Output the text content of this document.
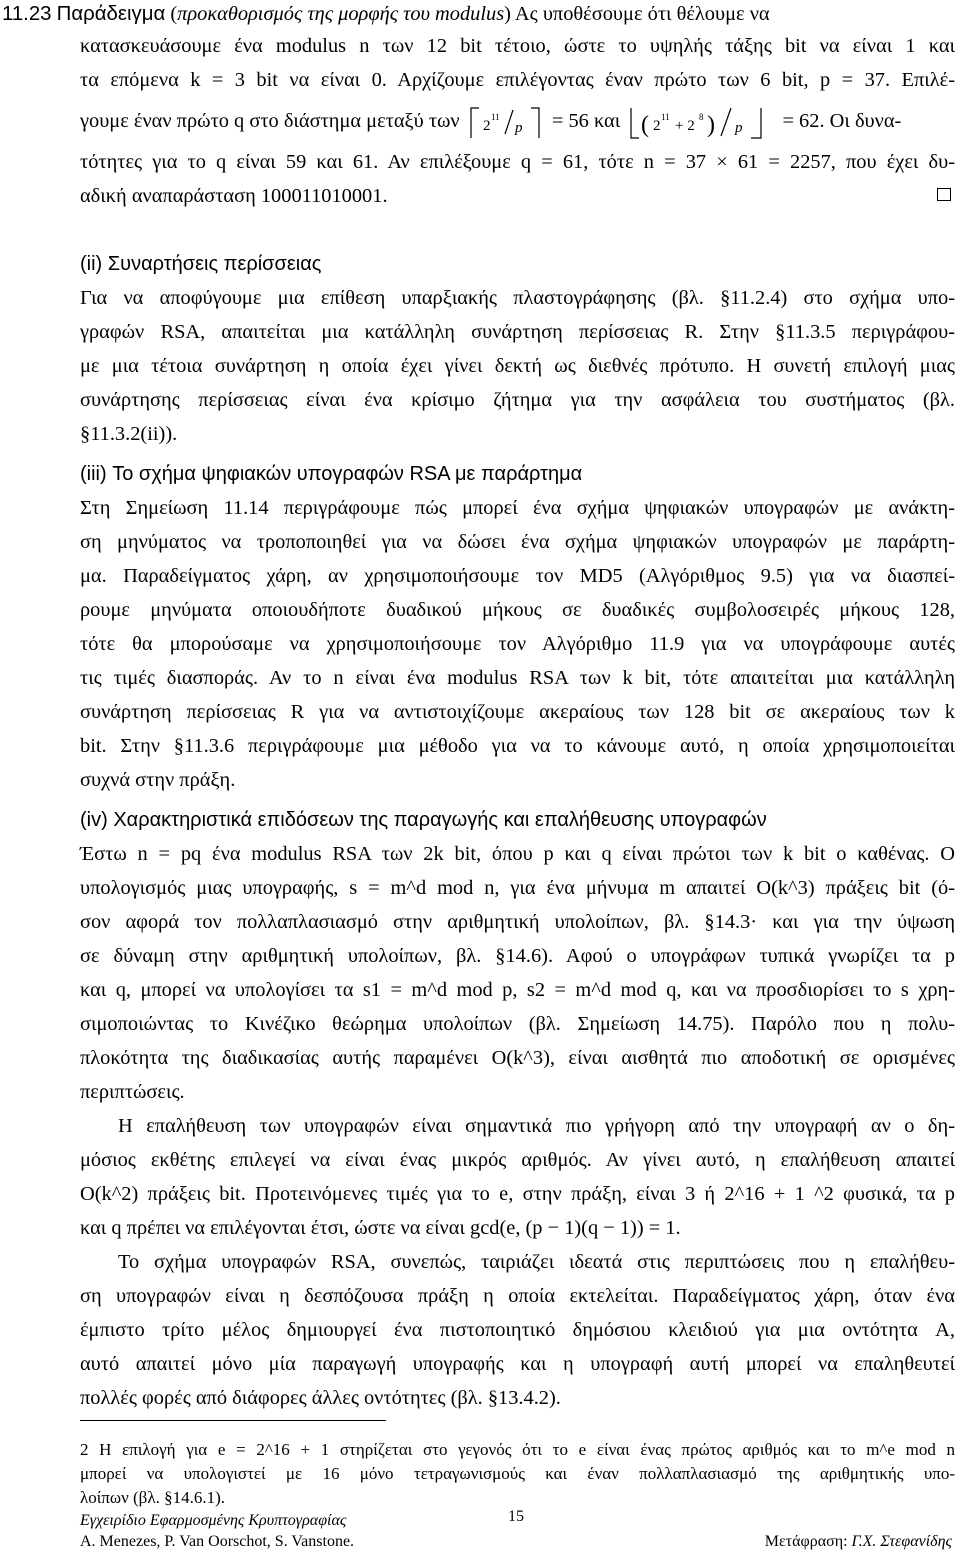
11.23 Παράδειγμα (προκαθορισμός της μορφής του modulus) Ας υποθέσουμε ότι θέλουμε να
κατασκευάσουμε ένα modulus n των 12 bit τέτοιο, ώστε το υψηλής τάξης bit να είναι 1 και
τα επόμενα k = 3 bit να είναι 0. Αρχίζουμε επιλέγοντας έναν πρώτο των 6 bit, p = 37. Επιλέ-
γουμε έναν πρώτο q στο διάστημα μεταξύ των 2
11
p = 56 και ( 2
11
+ 2
8 ) p = 62. Οι δυνα-
τότητες για το q είναι 59 και 61. Αν επιλέξουμε q = 61, τότε n = 37 × 61 = 2257, που έχει δυ-
αδική αναπαράσταση 100011010001.
(ii) Συναρτήσεις περίσσειας
Για να αποφύγουμε μια επίθεση υπαρξιακής πλαστογράφησης (βλ. §11.2.4) στο σχήμα υπο-
γραφών RSA, απαιτείται μια κατάλληλη συνάρτηση περίσσειας R. Στην §11.3.5 περιγράφου-
με μια τέτοια συνάρτηση η οποία έχει γίνει δεκτή ως διεθνές πρότυπο. Η συνετή επιλογή μιας
συνάρτησης περίσσειας είναι ένα κρίσιμο ζήτημα για την ασφάλεια του συστήματος (βλ.
§11.3.2(ii)).
(iii) Το σχήμα ψηφιακών υπογραφών RSA με παράρτημα
Στη Σημείωση 11.14 περιγράφουμε πώς μπορεί ένα σχήμα ψηφιακών υπογραφών με ανάκτη-
ση μηνύματος να τροποποιηθεί για να δώσει ένα σχήμα ψηφιακών υπογραφών με παράρτη-
μα. Παραδείγματος χάρη, αν χρησιμοποιήσουμε τον MD5 (Αλγόριθμος 9.5) για να διασπεί-
ρουμε μηνύματα οποιουδήποτε δυαδικού μήκους σε δυαδικές συμβολοσειρές μήκους 128,
τότε θα μπορούσαμε να χρησιμοποιήσουμε τον Αλγόριθμο 11.9 για να υπογράφουμε αυτές
τις τιμές διασποράς. Αν το n είναι ένα modulus RSA των k bit, τότε απαιτείται μια κατάλληλη
συνάρτηση περίσσειας R για να αντιστοιχίζουμε ακεραίους των 128 bit σε ακεραίους των k
bit. Στην §11.3.6 περιγράφουμε μια μέθοδο για να το κάνουμε αυτό, η οποία χρησιμοποιείται
συχνά στην πράξη.
(iv) Χαρακτηριστικά επιδόσεων της παραγωγής και επαλήθευσης υπογραφών
Έστω n = pq ένα modulus RSA των 2k bit, όπου p και q είναι πρώτοι των k bit ο καθένας. Ο
υπολογισμός μιας υπογραφής, s = m^d mod n, για ένα μήνυμα m απαιτεί O(k^3) πράξεις bit (ό-
σον αφορά τον πολλαπλασιασμό στην αριθμητική υπολοίπων, βλ. §14.3· και για την ύψωση
σε δύναμη στην αριθμητική υπολοίπων, βλ. §14.6). Αφού ο υπογράφων τυπικά γνωρίζει τα p
και q, μπορεί να υπολογίσει τα s1 = m^d mod p, s2 = m^d mod q, και να προσδιορίσει το s χρη-
σιμοποιώντας το Κινέζικο θεώρημα υπολοίπων (βλ. Σημείωση 14.75). Παρόλο που η πολυ-
πλοκότητα της διαδικασίας αυτής παραμένει O(k^3), είναι αισθητά πιο αποδοτική σε ορισμένες
περιπτώσεις.
Η επαλήθευση των υπογραφών είναι σημαντικά πιο γρήγορη από την υπογραφή αν ο δη-
μόσιος εκθέτης επιλεγεί να είναι ένας μικρός αριθμός. Αν γίνει αυτό, η επαλήθευση απαιτεί
O(k^2) πράξεις bit. Προτεινόμενες τιμές για το e, στην πράξη, είναι 3 ή 2^16 + 1 ^2 φυσικά, τα p
και q πρέπει να επιλέγονται έτσι, ώστε να είναι gcd(e, (p − 1)(q − 1)) = 1.
Το σχήμα υπογραφών RSA, συνεπώς, ταιριάζει ιδεατά στις περιπτώσεις που η επαλήθευ-
ση υπογραφών είναι η δεσπόζουσα πράξη η οποία εκτελείται. Παραδείγματος χάρη, όταν ένα
έμπιστο τρίτο μέλος δημιουργεί ένα πιστοποιητικό δημόσιου κλειδιού για μια οντότητα A,
αυτό απαιτεί μόνο μία παραγωγή υπογραφής και η υπογραφή αυτή μπορεί να επαληθευτεί
πολλές φορές από διάφορες άλλες οντότητες (βλ. §13.4.2).
2 Η επιλογή για e = 2^16 + 1 στηρίζεται στο γεγονός ότι το e είναι ένας πρώτος αριθμός και το m^e mod n
μπορεί να υπολογιστεί με 16 μόνο τετραγωνισμούς και έναν πολλαπλασιασμό της αριθμητικής υπο-
λοίπων (βλ. §14.6.1).
Εγχειρίδιο Εφαρμοσμένης Κρυπτογραφίας	15
A. Menezes, P. Van Oorschot, S. Vanstone.	Μετάφραση: Γ.Χ. Στεφανίδης
